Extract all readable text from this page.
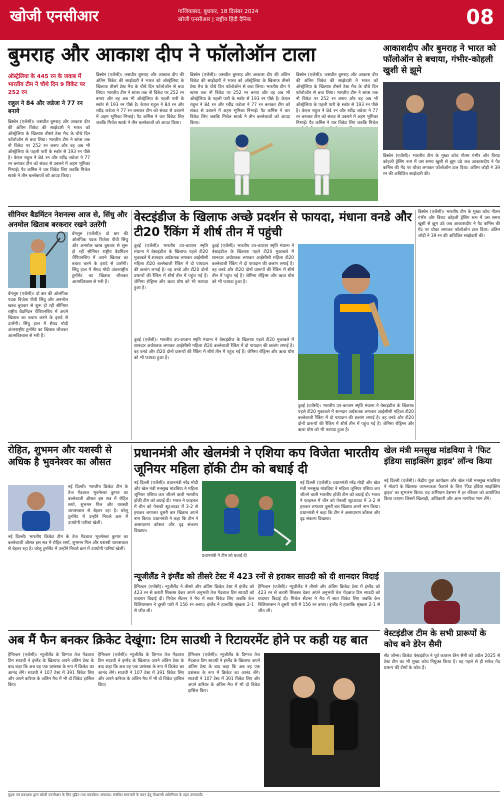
खोजी एनसीआर	गाजियाबाद, बुधवार, 18 दिसंबर 2024
खोजी एनसीआर | राष्ट्रीय हिंदी दैनिक	08
बुमराह और आकाश दीप ने फॉलोऑन टाला
ऑस्ट्रेलिया के 445 रन के जवाब में भारतीय टीम ने चौथे दिन 9 विकेट पर 252 रन
राहुल ने 84 और जडेजा ने 77 रन बनाये
ब्रिस्बेन (एजेंसी)। जसप्रीत बुमराह और आकाश दीप की अंतिम विकेट की साझेदारी ने भारत को ऑस्ट्रेलिया के खिलाफ तीसरे टेस्ट मैच के चौथे दिन फॉलोऑन से बचा लिया। भारतीय टीम ने स्टंप्स तक नौ विकेट पर 252 रन बनाए और वह अब भी ऑस्ट्रेलिया के पहली पारी के स्कोर से 193 रन पीछे है। केएल राहुल ने 84 रन और रवींद्र जडेजा ने 77 रन बनाकर टीम को संकट से उबारने में अहम भूमिका निभाई। पैट कमिंस ने चार विकेट लिए जबकि मिचेल स्टार्क ने तीन बल्लेबाजों को आउट किया।
ब्रिस्बेन (एजेंसी)। जसप्रीत बुमराह और आकाश दीप की अंतिम विकेट की साझेदारी ने भारत को ऑस्ट्रेलिया के खिलाफ तीसरे टेस्ट मैच के चौथे दिन फॉलोऑन से बचा लिया। भारतीय टीम ने स्टंप्स तक नौ विकेट पर 252 रन बनाए और वह अब भी ऑस्ट्रेलिया के पहली पारी के स्कोर से 193 रन पीछे है। केएल राहुल ने 84 रन और रवींद्र जडेजा ने 77 रन बनाकर टीम को संकट से उबारने में अहम भूमिका निभाई। पैट कमिंस ने चार विकेट लिए जबकि मिचेल स्टार्क ने तीन बल्लेबाजों को आउट किया।
ब्रिस्बेन (एजेंसी)। जसप्रीत बुमराह और आकाश दीप की अंतिम विकेट की साझेदारी ने भारत को ऑस्ट्रेलिया के खिलाफ तीसरे टेस्ट मैच के चौथे दिन फॉलोऑन से बचा लिया। भारतीय टीम ने स्टंप्स तक नौ विकेट पर 252 रन बनाए और वह अब भी ऑस्ट्रेलिया के पहली पारी के स्कोर से 193 रन पीछे है। केएल राहुल ने 84 रन और रवींद्र जडेजा ने 77 रन बनाकर टीम को संकट से उबारने में अहम भूमिका निभाई। पैट कमिंस ने चार विकेट लिए जबकि मिचेल स्टार्क ने तीन बल्लेबाजों को आउट किया।
ब्रिस्बेन (एजेंसी)। जसप्रीत बुमराह और आकाश दीप की अंतिम विकेट की साझेदारी ने भारत को ऑस्ट्रेलिया के खिलाफ तीसरे टेस्ट मैच के चौथे दिन फॉलोऑन से बचा लिया। भारतीय टीम ने स्टंप्स तक नौ विकेट पर 252 रन बनाए और वह अब भी ऑस्ट्रेलिया के पहली पारी के स्कोर से 193 रन पीछे है। केएल राहुल ने 84 रन और रवींद्र जडेजा ने 77 रन बनाकर टीम को संकट से उबारने में अहम भूमिका निभाई। पैट कमिंस ने चार विकेट लिए जबकि मिचेल
आकाशदीप और बुमराह ने भारत को फॉलोऑन से बचाया, गंभीर-कोहली खुशी से झूमे
ब्रिस्बेन (एजेंसी)। भारतीय टीम के मुख्य कोच गौतम गंभीर और विराट कोहली ड्रेसिंग रूम में उस समय खुशी से झूम उठे जब आकाशदीप ने पैट कमिंस की गेंद पर चौका लगाकर फॉलोऑन टाल दिया। अंतिम जोड़ी ने 39 रन की अविजित साझेदारी की।
सीनियर बैडमिंटन नेशनल्स आज से, सिंधु और अनमोल खिताब बरकरार रखने उतरेंगी
बेंगलुरु (एजेंसी)। दो बार की ओलंपिक पदक विजेता पीवी सिंधु और अनमोल खरब बुधवार से शुरू हो रही सीनियर राष्ट्रीय बैडमिंटन चैंपियनशिप में अपने खिताब का बचाव करने के इरादे से उतरेंगी। सिंधु हाल में सैयद मोदी अंतरराष्ट्रीय टूर्नामेंट का खिताब जीतकर आत्मविश्वास से भरी हैं।
बेंगलुरु (एजेंसी)। दो बार की ओलंपिक पदक विजेता पीवी सिंधु और अनमोल खरब बुधवार से शुरू हो रही सीनियर राष्ट्रीय बैडमिंटन चैंपियनशिप में अपने खिताब का बचाव करने के इरादे से उतरेंगी। सिंधु हाल में सैयद मोदी अंतरराष्ट्रीय टूर्नामेंट का खिताब जीतकर आत्मविश्वास से भरी हैं।
वेस्टइंडीज के खिलाफ अच्छे प्रदर्शन से फायदा, मंधाना वनडे और टी20 रैंकिंग में शीर्ष तीन में पहुंची
दुबई (एजेंसी)। भारतीय उप-कप्तान स्मृति मंधाना ने वेस्टइंडीज के खिलाफ पहले टी20 मुकाबले में शानदार अर्धशतक लगाकर आईसीसी महिला टी20 बल्लेबाजी रैंकिंग में दो पायदान की छलांग लगाई है। वह वनडे और टी20 दोनों प्रारूपों की रैंकिंग में शीर्ष तीन में पहुंच गई हैं। जेमिमा रोड्रिग्स और ऋचा घोष को भी फायदा हुआ है।
दुबई (एजेंसी)। भारतीय उप-कप्तान स्मृति मंधाना ने वेस्टइंडीज के खिलाफ पहले टी20 मुकाबले में शानदार अर्धशतक लगाकर आईसीसी महिला टी20 बल्लेबाजी रैंकिंग में दो पायदान की छलांग लगाई है। वह वनडे और टी20 दोनों प्रारूपों की रैंकिंग में शीर्ष तीन में पहुंच गई हैं। जेमिमा रोड्रिग्स और ऋचा घोष को भी फायदा हुआ है।
दुबई (एजेंसी)। भारतीय उप-कप्तान स्मृति मंधाना ने वेस्टइंडीज के खिलाफ पहले टी20 मुकाबले में शानदार अर्धशतक लगाकर आईसीसी महिला टी20 बल्लेबाजी रैंकिंग में दो पायदान की छलांग लगाई है। वह वनडे और टी20 दोनों प्रारूपों की रैंकिंग में शीर्ष तीन में पहुंच गई हैं। जेमिमा रोड्रिग्स और ऋचा घोष को भी फायदा हुआ है।
दुबई (एजेंसी)। भारतीय उप-कप्तान स्मृति मंधाना ने वेस्टइंडीज के खिलाफ पहले टी20 मुकाबले में शानदार अर्धशतक लगाकर आईसीसी महिला टी20 बल्लेबाजी रैंकिंग में दो पायदान की छलांग लगाई है। वह वनडे और टी20 दोनों प्रारूपों की रैंकिंग में शीर्ष तीन में पहुंच गई हैं। जेमिमा रोड्रिग्स और ऋचा घोष को भी फायदा हुआ है।
ब्रिस्बेन (एजेंसी)। भारतीय टीम के मुख्य कोच गौतम गंभीर और विराट कोहली ड्रेसिंग रूम में उस समय खुशी से झूम उठे जब आकाशदीप ने पैट कमिंस की गेंद पर चौका लगाकर फॉलोऑन टाल दिया। अंतिम जोड़ी ने 39 रन की अविजित साझेदारी की।
रोहित, शुभमन और यशस्वी से अधिक है भुवनेश्वर का औसत
नई दिल्ली। भारतीय क्रिकेट टीम के तेज गेंदबाज भुवनेश्वर कुमार का बल्लेबाजी औसत इस सत्र में रोहित शर्मा, शुभमन गिल और यशस्वी जायसवाल से बेहतर रहा है। घरेलू टूर्नामेंट में उन्होंने निचले क्रम में उपयोगी पारियां खेलीं।
नई दिल्ली। भारतीय क्रिकेट टीम के तेज गेंदबाज भुवनेश्वर कुमार का बल्लेबाजी औसत इस सत्र में रोहित शर्मा, शुभमन गिल और यशस्वी जायसवाल से बेहतर रहा है। घरेलू टूर्नामेंट में उन्होंने निचले क्रम में उपयोगी पारियां खेलीं।
प्रधानमंत्री और खेलमंत्री ने एशिया कप विजेता भारतीय जूनियर महिला हॉकी टीम को बधाई दी
नई दिल्ली (एजेंसी)। प्रधानमंत्री नरेंद्र मोदी और खेल मंत्री मनसुख मांडविया ने महिला जूनियर एशिया कप जीतने वाली भारतीय हॉकी टीम को बधाई दी। भारत ने फाइनल में चीन को पेनल्टी शूटआउट में 3-2 से हराकर लगातार दूसरी बार खिताब अपने नाम किया। प्रधानमंत्री ने कहा कि टीम ने असाधारण कौशल और दृढ़ संकल्प दिखाया।
प्रधानमंत्री ने टीम को बधाई दी
नई दिल्ली (एजेंसी)। प्रधानमंत्री नरेंद्र मोदी और खेल मंत्री मनसुख मांडविया ने महिला जूनियर एशिया कप जीतने वाली भारतीय हॉकी टीम को बधाई दी। भारत ने फाइनल में चीन को पेनल्टी शूटआउट में 3-2 से हराकर लगातार दूसरी बार खिताब अपने नाम किया। प्रधानमंत्री ने कहा कि टीम ने असाधारण कौशल और दृढ़ संकल्प दिखाया।
खेल मंत्री मनसुख मांडविया ने 'फिट इंडिया साइक्लिंग ड्राइव' लॉन्च किया
नई दिल्ली (एजेंसी)। केंद्रीय युवा कार्यक्रम और खेल मंत्री मनसुख मांडविया ने मोटापे के खिलाफ जागरूकता फैलाने के लिए 'फिट इंडिया साइक्लिंग ड्राइव' का शुभारंभ किया। यह अभियान देशभर में हर रविवार को आयोजित किया जाएगा जिसमें खिलाड़ी, अधिकारी और आम नागरिक भाग लेंगे।
न्यूजीलैंड ने इंग्लैंड को तीसरे टेस्ट में 423 रनों से हराकर साउदी को दी शानदार विदाई
हैमिल्टन (एजेंसी)। न्यूजीलैंड ने तीसरे और अंतिम क्रिकेट टेस्ट में इंग्लैंड को 423 रन से करारी शिकस्त देकर अपने अनुभवी तेज गेंदबाज टिम साउदी को यादगार विदाई दी। मिचेल सैंटनर ने मैच में सात विकेट लिए जबकि केन विलियमसन ने दूसरी पारी में 156 रन बनाए। इंग्लैंड ने हालांकि श्रृंखला 2-1 से जीत ली।
हैमिल्टन (एजेंसी)। न्यूजीलैंड ने तीसरे और अंतिम क्रिकेट टेस्ट में इंग्लैंड को 423 रन से करारी शिकस्त देकर अपने अनुभवी तेज गेंदबाज टिम साउदी को यादगार विदाई दी। मिचेल सैंटनर ने मैच में सात विकेट लिए जबकि केन विलियमसन ने दूसरी पारी में 156 रन बनाए। इंग्लैंड ने हालांकि श्रृंखला 2-1 से जीत ली।
वेस्टइंडीज टीम के सभी प्रारूपों के कोच बने डेरेन सैमी
सेंट जॉन्स। क्रिकेट वेस्टइंडीज ने पूर्व कप्तान डेरेन सैमी को अप्रैल 2025 से टेस्ट टीम का भी मुख्य कोच नियुक्त किया है। वह पहले से ही सफेद गेंद प्रारूप की टीमों के कोच हैं।
अब मैं फैन बनकर क्रिकेट देखूंगा: टिम साउथी ने रिटायरमेंट होने पर कही यह बात
हैमिल्टन (एजेंसी)। न्यूजीलैंड के दिग्गज तेज गेंदबाज टिम साउथी ने इंग्लैंड के खिलाफ अपने अंतिम टेस्ट के बाद कहा कि अब वह एक प्रशंसक के रूप में क्रिकेट का आनंद लेंगे। साउथी ने 107 टेस्ट में 391 विकेट लिए और अपने करियर के अंतिम मैच में भी दो विकेट हासिल किए।
हैमिल्टन (एजेंसी)। न्यूजीलैंड के दिग्गज तेज गेंदबाज टिम साउथी ने इंग्लैंड के खिलाफ अपने अंतिम टेस्ट के बाद कहा कि अब वह एक प्रशंसक के रूप में क्रिकेट का आनंद लेंगे। साउथी ने 107 टेस्ट में 391 विकेट लिए और अपने करियर के अंतिम मैच में भी दो विकेट हासिल किए।
हैमिल्टन (एजेंसी)। न्यूजीलैंड के दिग्गज तेज गेंदबाज टिम साउथी ने इंग्लैंड के खिलाफ अपने अंतिम टेस्ट के बाद कहा कि अब वह एक प्रशंसक के रूप में क्रिकेट का आनंद लेंगे। साउथी ने 107 टेस्ट में 391 विकेट लिए और अपने करियर के अंतिम मैच में भी दो विकेट हासिल किए।
मुद्रक एवं प्रकाशक द्वारा खोजी एनसीआर के लिए मुद्रित तथा प्रकाशित। संपादक: संबंधित समाचारों के चयन हेतु पीआरबी अधिनियम के तहत उत्तरदायी।
